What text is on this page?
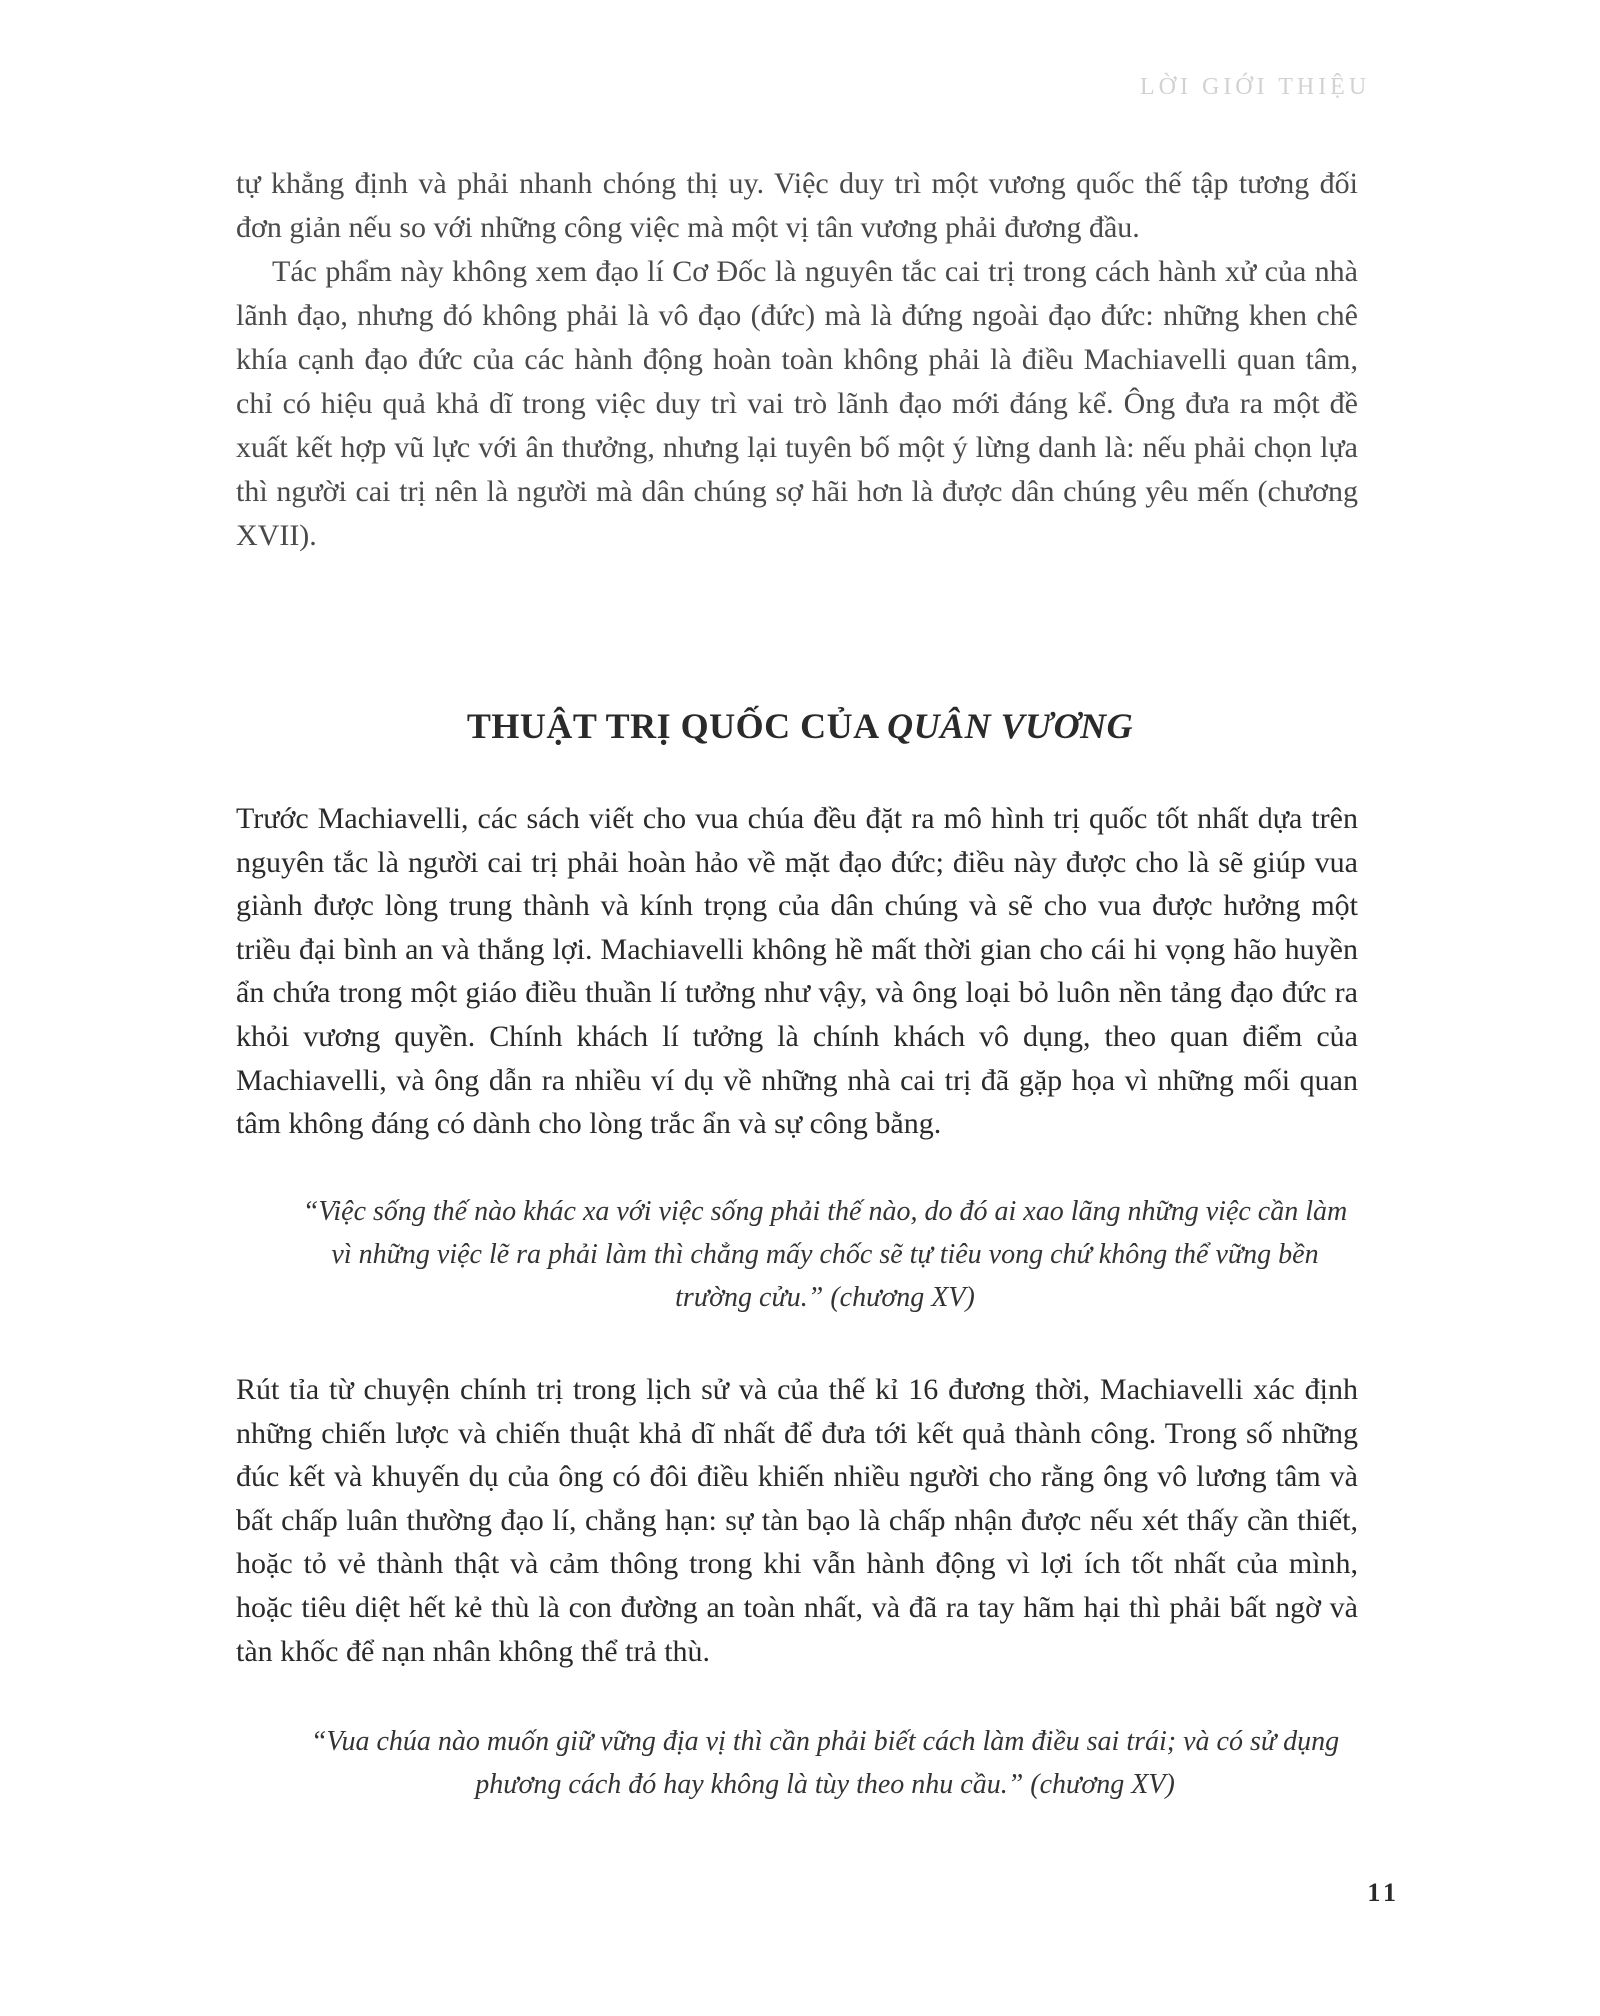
LỜI GIỚI THIỆU

tự khẳng định và phải nhanh chóng thị uy. Việc duy trì một vương quốc thế tập tương đối đơn giản nếu so với những công việc mà một vị tân vương phải đương đầu.

Tác phẩm này không xem đạo lí Cơ Đốc là nguyên tắc cai trị trong cách hành xử của nhà lãnh đạo, nhưng đó không phải là vô đạo (đức) mà là đứng ngoài đạo đức: những khen chê khía cạnh đạo đức của các hành động hoàn toàn không phải là điều Machiavelli quan tâm, chỉ có hiệu quả khả dĩ trong việc duy trì vai trò lãnh đạo mới đáng kể. Ông đưa ra một đề xuất kết hợp vũ lực với ân thưởng, nhưng lại tuyên bố một ý lừng danh là: nếu phải chọn lựa thì người cai trị nên là người mà dân chúng sợ hãi hơn là được dân chúng yêu mến (chương XVII).

THUẬT TRỊ QUỐC CỦA QUÂN VƯƠNG

Trước Machiavelli, các sách viết cho vua chúa đều đặt ra mô hình trị quốc tốt nhất dựa trên nguyên tắc là người cai trị phải hoàn hảo về mặt đạo đức; điều này được cho là sẽ giúp vua giành được lòng trung thành và kính trọng của dân chúng và sẽ cho vua được hưởng một triều đại bình an và thắng lợi. Machiavelli không hề mất thời gian cho cái hi vọng hão huyền ẩn chứa trong một giáo điều thuần lí tưởng như vậy, và ông loại bỏ luôn nền tảng đạo đức ra khỏi vương quyền. Chính khách lí tưởng là chính khách vô dụng, theo quan điểm của Machiavelli, và ông dẫn ra nhiều ví dụ về những nhà cai trị đã gặp họa vì những mối quan tâm không đáng có dành cho lòng trắc ẩn và sự công bằng.

“Việc sống thế nào khác xa với việc sống phải thế nào, do đó ai xao lãng những việc cần làm vì những việc lẽ ra phải làm thì chẳng mấy chốc sẽ tự tiêu vong chứ không thể vững bền trường cửu.” (chương XV)

Rút tỉa từ chuyện chính trị trong lịch sử và của thế kỉ 16 đương thời, Machiavelli xác định những chiến lược và chiến thuật khả dĩ nhất để đưa tới kết quả thành công. Trong số những đúc kết và khuyến dụ của ông có đôi điều khiến nhiều người cho rằng ông vô lương tâm và bất chấp luân thường đạo lí, chẳng hạn: sự tàn bạo là chấp nhận được nếu xét thấy cần thiết, hoặc tỏ vẻ thành thật và cảm thông trong khi vẫn hành động vì lợi ích tốt nhất của mình, hoặc tiêu diệt hết kẻ thù là con đường an toàn nhất, và đã ra tay hãm hại thì phải bất ngờ và tàn khốc để nạn nhân không thể trả thù.

“Vua chúa nào muốn giữ vững địa vị thì cần phải biết cách làm điều sai trái; và có sử dụng phương cách đó hay không là tùy theo nhu cầu.” (chương XV)

11
